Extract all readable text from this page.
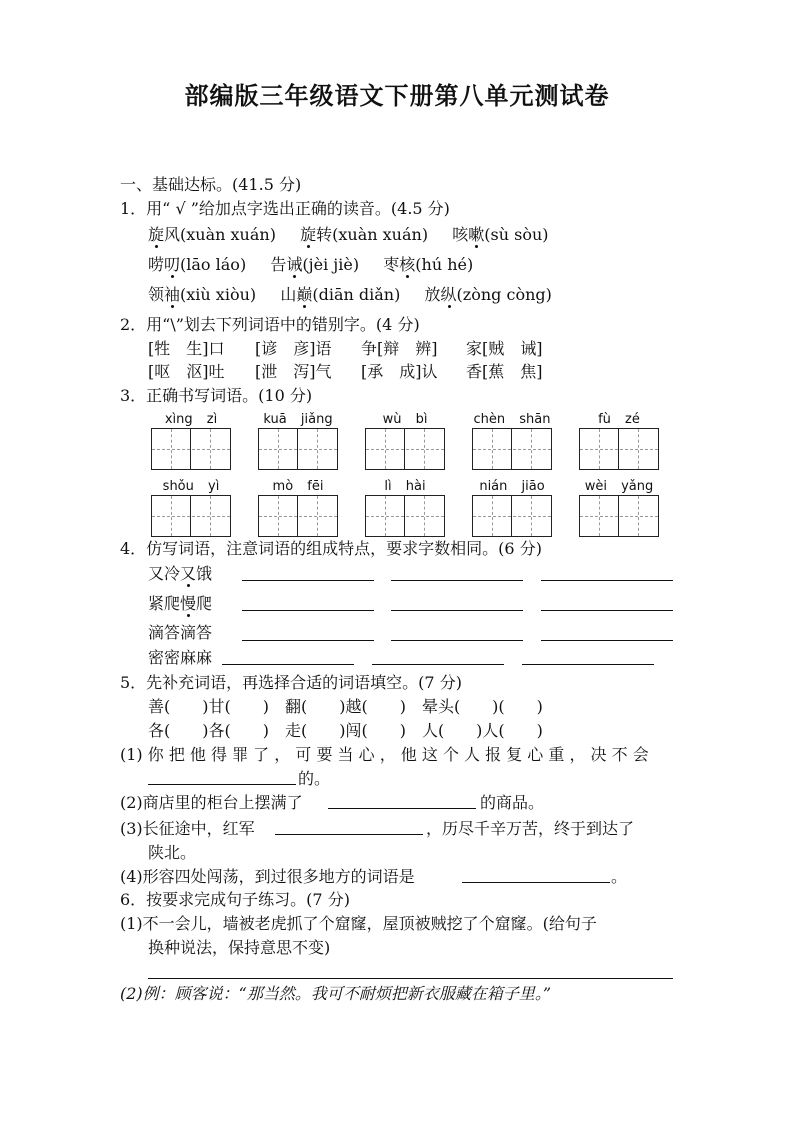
部编版三年级语文下册第八单元测试卷
一、基础达标。(41.5 分)
1．用“ √ ”给加点字选出正确的读音。(4.5 分)
旋风(xuàn xuán) 旋转(xuàn xuán) 咳嗽(sù sòu)
唠叨(lāo láo) 告诫(jèi jiè) 枣核(hú hé)
领袖(xiù xiòu) 山巅(diān diǎn) 放纵(zòng còng)
2．用“\”划去下列词语中的错别字。(4 分)
[牲　生]口 [谚　彦]语 争[辩　辨] 家[贼　诫]
[呕　沤]吐 [泄　泻]气 [承　成]认 香[蕉　焦]
3．正确书写词语。(10 分)
xìng zì	kuā jiǎng	wù bì	chèn shān	fù zé
shǒu yì	mò fēi	lì hài	nián jiāo	wèi yǎng
4．仿写词语，注意词语的组成特点，要求字数相同。(6 分)
又冷又饿
紧爬慢爬
滴答滴答
密密麻麻
5．先补充词语，再选择合适的词语填空。(7 分)
善(　　)甘(　　)　翻(　　)越(　　)　晕头(　　)(　　)
各(　　)各(　　)　走(　　)闯(　　)　人(　　)人(　　)
(1) 你 把 他 得 罪 了 ， 可 要 当 心 ， 他 这 个 人 报 复 心 重 ， 决 不 会
的。
(2)商店里的柜台上摆满了	的商品。
(3)长征途中，红军	，历尽千辛万苦，终于到达了
陕北。
(4)形容四处闯荡，到过很多地方的词语是	。
6．按要求完成句子练习。(7 分)
(1)不一会儿，墙被老虎抓了个窟窿，屋顶被贼挖了个窟窿。(给句子
换种说法，保持意思不变)
(2)例：顾客说：“那当然。我可不耐烦把新衣服藏在箱子里。”
